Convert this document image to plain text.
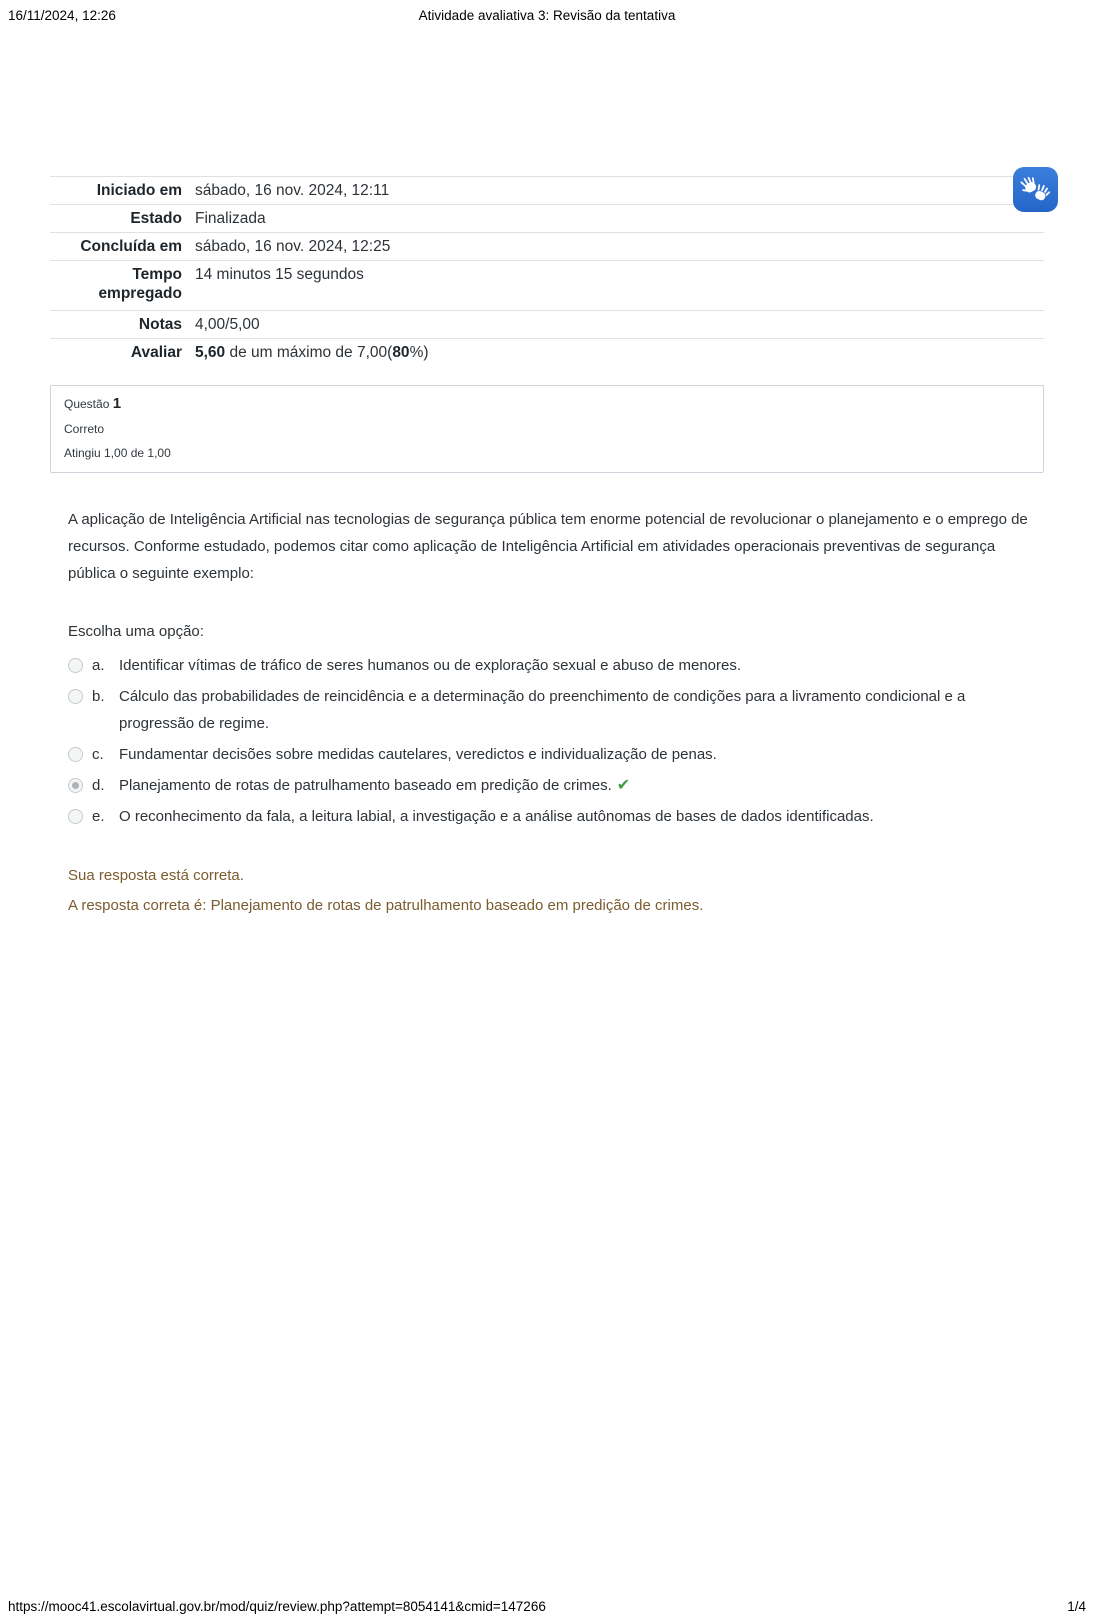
16/11/2024, 12:26	Atividade avaliativa 3: Revisão da tentativa
Iniciado em sábado, 16 nov. 2024, 12:11
Estado Finalizada
Concluída em sábado, 16 nov. 2024, 12:25
Tempo empregado
14 minutos 15 segundos
Notas 4,00/5,00
Avaliar 5,60 de um máximo de 7,00(80%)
Questão 1
Correto
Atingiu 1,00 de 1,00
A aplicação de Inteligência Artificial nas tecnologias de segurança pública tem enorme potencial de revolucionar o planejamento e o emprego de recursos. Conforme estudado, podemos citar como aplicação de Inteligência Artificial em atividades operacionais preventivas de segurança pública o seguinte exemplo:
Escolha uma opção:
a. Identificar vítimas de tráfico de seres humanos ou de exploração sexual e abuso de menores.
b. Cálculo das probabilidades de reincidência e a determinação do preenchimento de condições para a livramento condicional e a progressão de regime.
c.	Fundamentar decisões sobre medidas cautelares, veredictos e individualização de penas.
d. Planejamento de rotas de patrulhamento baseado em predição de crimes. ✔
e. O reconhecimento da fala, a leitura labial, a investigação e a análise autônomas de bases de dados identificadas.

Sua resposta está correta.

A resposta correta é: Planejamento de rotas de patrulhamento baseado em predição de crimes.

https://mooc41.escolavirtual.gov.br/mod/quiz/review.php?attempt=8054141&cmid=147266	1/4
